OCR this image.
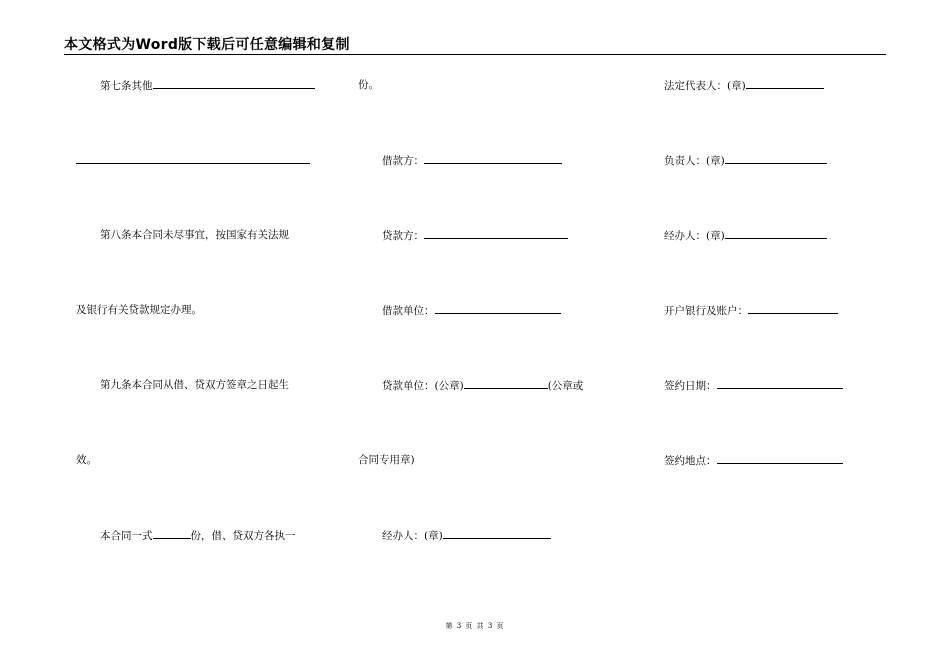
本文格式为Word版下载后可任意编辑和复制
第七条其他
第八条本合同未尽事宜，按国家有关法规
及银行有关贷款规定办理。
第九条本合同从借、贷双方签章之日起生
效。
本合同一式	份，借、贷双方各执一
份。
借款方：
贷款方：
借款单位：
贷款单位：(公章)	(公章或
合同专用章)
经办人：(章)
法定代表人：(章)
负责人：(章)
经办人：(章)
开户银行及账户：
签约日期：
签约地点：
第 3 页 共 3 页
